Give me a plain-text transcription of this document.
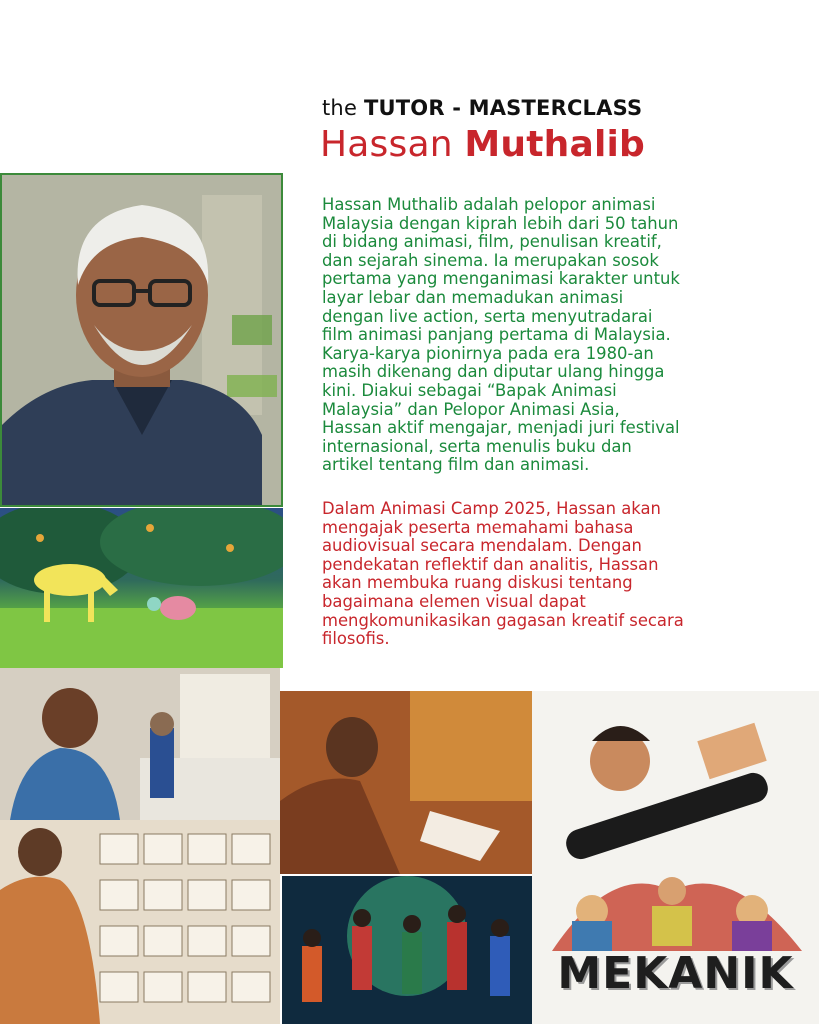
the TUTOR - MASTERCLASS
Hassan Muthalib

Hassan Muthalib adalah pelopor animasi
Malaysia dengan kiprah lebih dari 50 tahun
di bidang animasi, film, penulisan kreatif,
dan sejarah sinema. Ia merupakan sosok
pertama yang menganimasi karakter untuk
layar lebar dan memadukan animasi
dengan live action, serta menyutradarai
film animasi panjang pertama di Malaysia.
Karya-karya pionirnya pada era 1980-an
masih dikenang dan diputar ulang hingga
kini. Diakui sebagai “Bapak Animasi
Malaysia” dan Pelopor Animasi Asia,
Hassan aktif mengajar, menjadi juri festival
internasional, serta menulis buku dan
artikel tentang film dan animasi.

Dalam Animasi Camp 2025, Hassan akan
mengajak peserta memahami bahasa
audiovisual secara mendalam. Dengan
pendekatan reflektif dan analitis, Hassan
akan membuka ruang diskusi tentang
bagaimana elemen visual dapat
mengkomunikasikan gagasan kreatif secara
filosofis.

MEKANIK
